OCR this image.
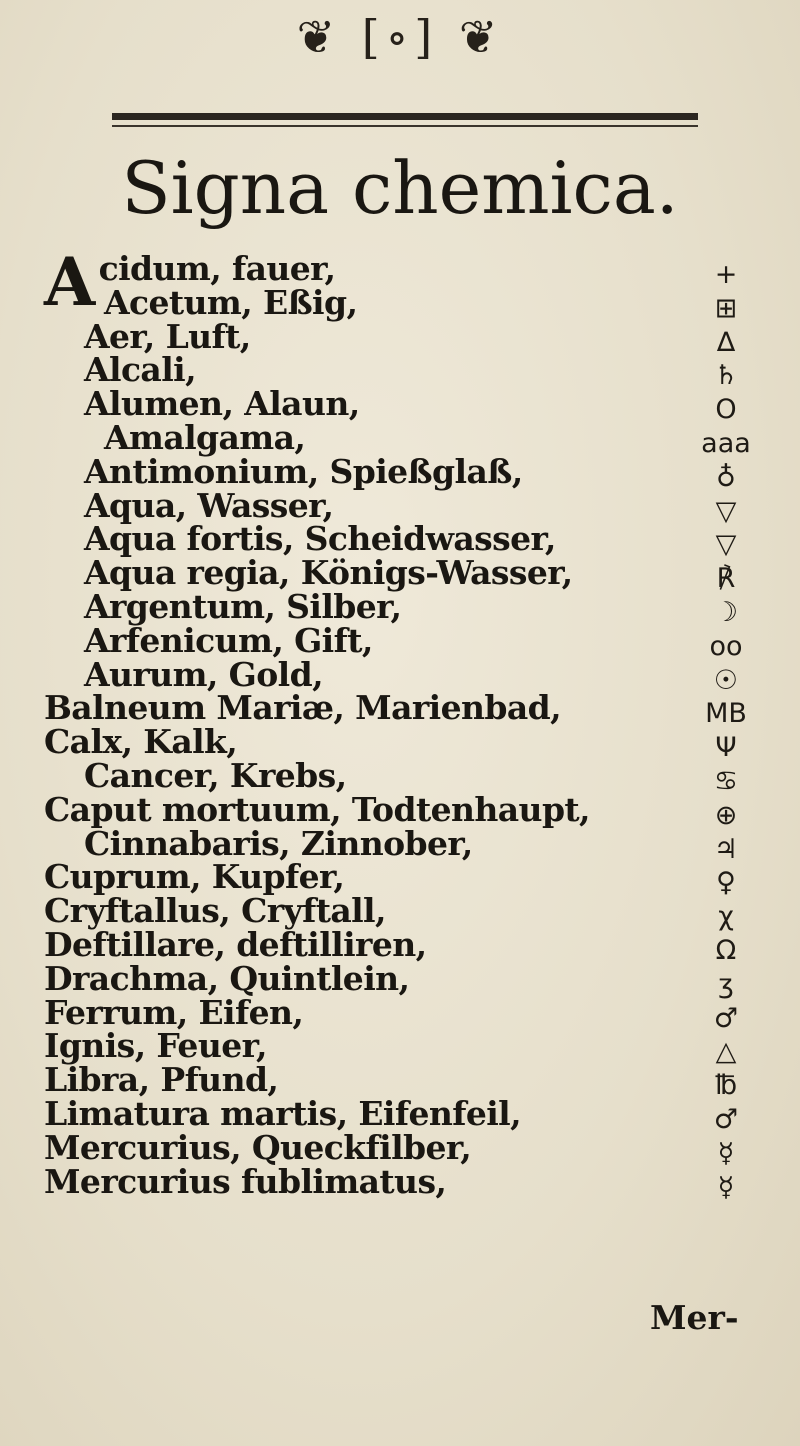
❦ [∘] ❦
Signa chemica.
Acidum, fauer,
Acetum, Eßig,
Aer, Luft,
Alcali,
Alumen, Alaun,
Amalgama,
Antimonium, Spießglaß,
Aqua, Wasser,
Aqua fortis, Scheidwasser,
Aqua regia, Königs-Wasser,
Argentum, Silber,
Arfenicum, Gift,
Aurum, Gold,
Balneum Mariæ, Marienbad,
Calx, Kalk,
Cancer, Krebs,
Caput mortuum, Todtenhaupt,
Cinnabaris, Zinnober,
Cuprum, Kupfer,
Cryftallus, Cryftall,
Deftillare, deftilliren,
Drachma, Quintlein,
Ferrum, Eifen,
Ignis, Feuer,
Libra, Pfund,
Limatura martis, Eifenfeil,
Mercurius, Queckfilber,
Mercurius fublimatus,
+
⊞
∆
♄
O
aaa
♁
▽
▽
℟
☽
oo
☉
MB
Ψ
♋
⊕
♃
♀
χ
Ω
ʒ
♂
△
℔
♂
☿
☿
Mer-
